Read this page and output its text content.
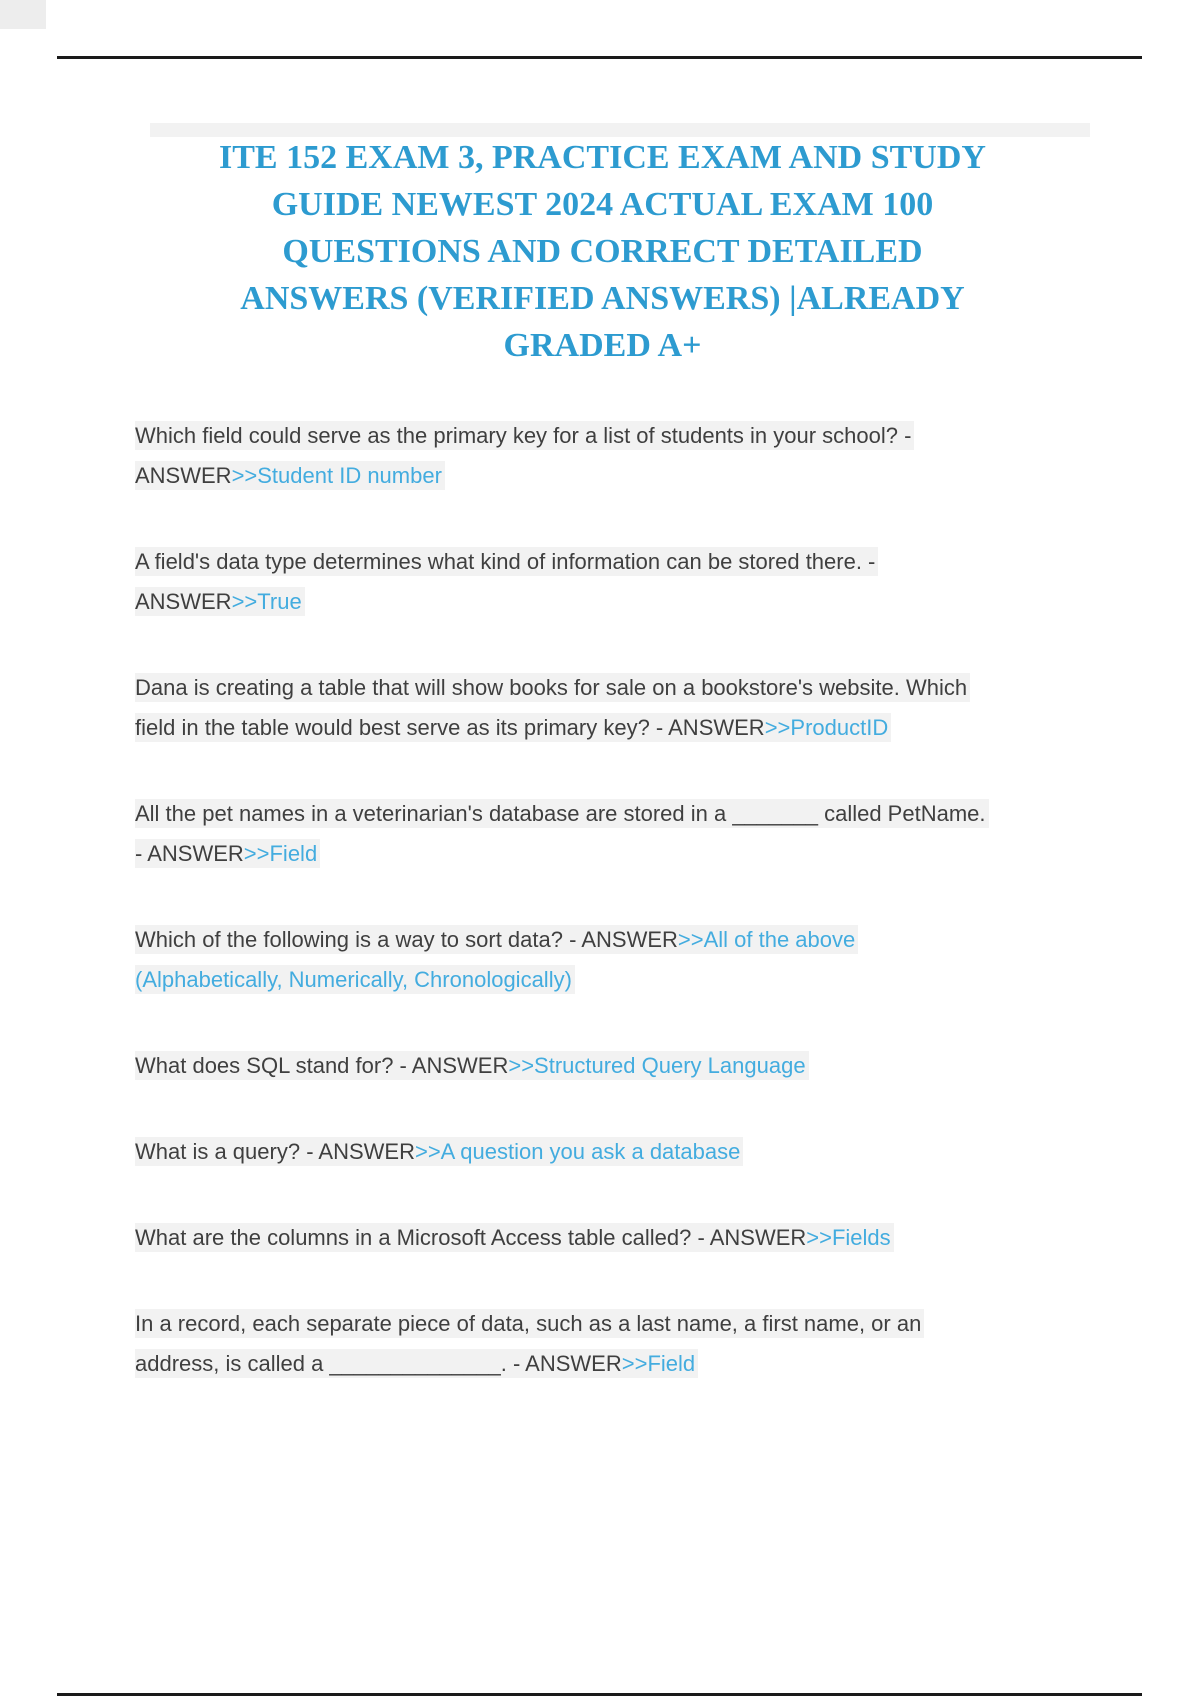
ITE 152 EXAM 3, PRACTICE EXAM AND STUDY
GUIDE NEWEST 2024 ACTUAL EXAM 100
QUESTIONS AND CORRECT DETAILED
ANSWERS (VERIFIED ANSWERS) |ALREADY
GRADED A+
Which field could serve as the primary key for a list of students in your school? -
ANSWER>>Student ID number
A field's data type determines what kind of information can be stored there. -
ANSWER>>True
Dana is creating a table that will show books for sale on a bookstore's website. Which
field in the table would best serve as its primary key? - ANSWER>>ProductID
All the pet names in a veterinarian's database are stored in a _______ called PetName.
- ANSWER>>Field
Which of the following is a way to sort data? - ANSWER>>All of the above
(Alphabetically, Numerically, Chronologically)
What does SQL stand for? - ANSWER>>Structured Query Language
What is a query? - ANSWER>>A question you ask a database
What are the columns in a Microsoft Access table called? - ANSWER>>Fields
In a record, each separate piece of data, such as a last name, a first name, or an
address, is called a ______________. - ANSWER>>Field
